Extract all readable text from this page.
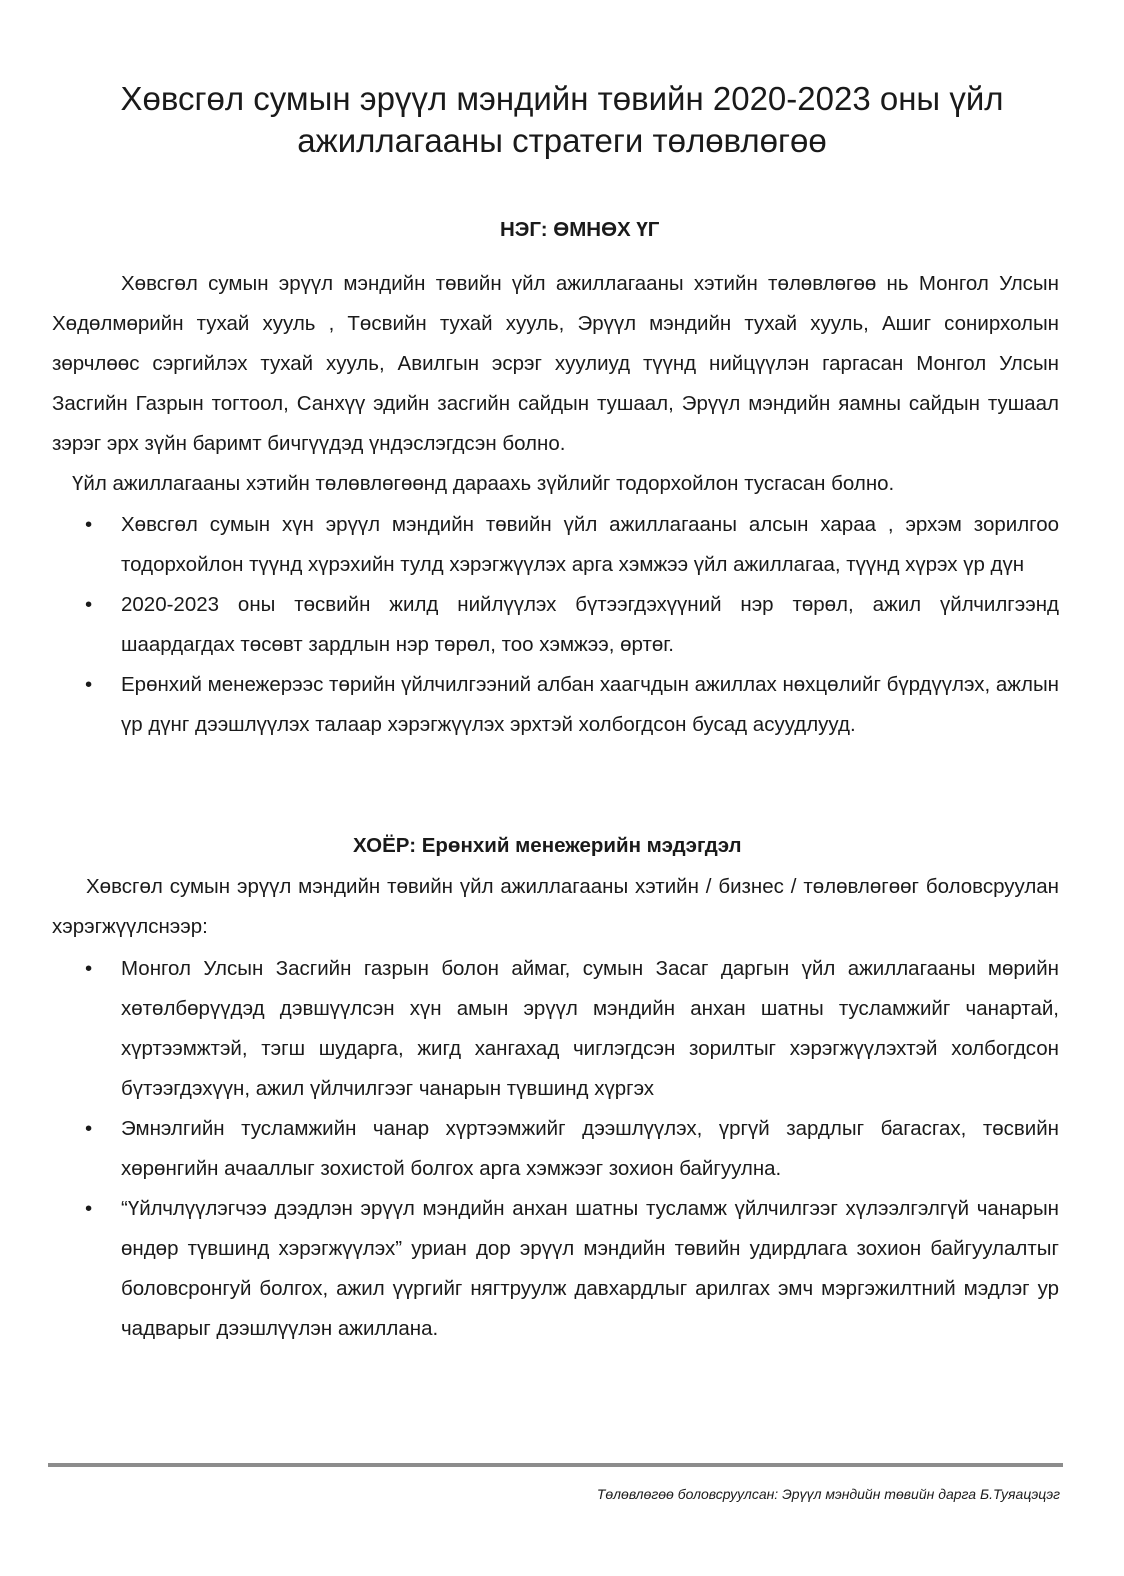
Хөвсгөл сумын эрүүл мэндийн төвийн 2020-2023 оны үйл
ажиллагааны стратеги төлөвлөгөө
НЭГ: ӨМНӨХ ҮГ

Хөвсгөл сумын эрүүл мэндийн төвийн үйл ажиллагааны хэтийн төлөвлөгөө нь Монгол Улсын Хөдөлмөрийн тухай хууль , Төсвийн тухай хууль, Эрүүл мэндийн тухай хууль, Ашиг сонирхолын зөрчлөөс сэргийлэх тухай хууль, Авилгын эсрэг хуулиуд түүнд нийцүүлэн гаргасан Монгол Улсын Засгийн Газрын тогтоол, Санхүү эдийн засгийн сайдын тушаал, Эрүүл мэндийн яамны сайдын тушаал зэрэг эрх зүйн баримт бичгүүдэд үндэслэгдсэн болно.

Үйл ажиллагааны хэтийн төлөвлөгөөнд дараахь зүйлийг тодорхойлон тусгасан болно.

• Хөвсгөл сумын хүн эрүүл мэндийн төвийн үйл ажиллагааны алсын хараа , эрхэм зорилгоо тодорхойлон түүнд хүрэхийн тулд хэрэгжүүлэх арга хэмжээ үйл ажиллагаа, түүнд хүрэх үр дүн
• 2020-2023 оны төсвийн жилд нийлүүлэх бүтээгдэхүүний нэр төрөл, ажил үйлчилгээнд шаардагдах төсөвт зардлын нэр төрөл, тоо хэмжээ, өртөг.
• Ерөнхий менежерээс төрийн үйлчилгээний албан хаагчдын ажиллах нөхцөлийг бүрдүүлэх, ажлын үр дүнг дээшлүүлэх талаар хэрэгжүүлэх эрхтэй холбогдсон бусад асуудлууд.
ХОЁР: Ерөнхий менежерийн мэдэгдэл

Хөвсгөл сумын эрүүл мэндийн төвийн үйл ажиллагааны хэтийн / бизнес / төлөвлөгөөг боловсруулан хэрэгжүүлснээр:

• Монгол Улсын Засгийн газрын болон аймаг, сумын Засаг даргын үйл ажиллагааны мөрийн хөтөлбөрүүдэд дэвшүүлсэн хүн амын эрүүл мэндийн анхан шатны тусламжийг чанартай, хүртээмжтэй, тэгш шударга, жигд хангахад чиглэгдсэн зорилтыг хэрэгжүүлэхтэй холбогдсон бүтээгдэхүүн, ажил үйлчилгээг чанарын түвшинд хүргэх
• Эмнэлгийн тусламжийн чанар хүртээмжийг дээшлүүлэх, үргүй зардлыг багасгах, төсвийн хөрөнгийн ачааллыг зохистой болгох арга хэмжээг зохион байгуулна.
• “Үйлчлүүлэгчээ дээдлэн эрүүл мэндийн анхан шатны тусламж үйлчилгээг хүлээлгэлгүй чанарын өндөр түвшинд хэрэгжүүлэх” уриан дор эрүүл мэндийн төвийн удирдлага зохион байгуулалтыг боловсронгуй болгох, ажил үүргийг нягтруулж давхардлыг арилгах эмч мэргэжилтний мэдлэг ур чадварыг дээшлүүлэн ажиллана.

Төлөвлөгөө боловсруулсан: Эрүүл мэндийн төвийн дарга Б.Туяацэцэг
